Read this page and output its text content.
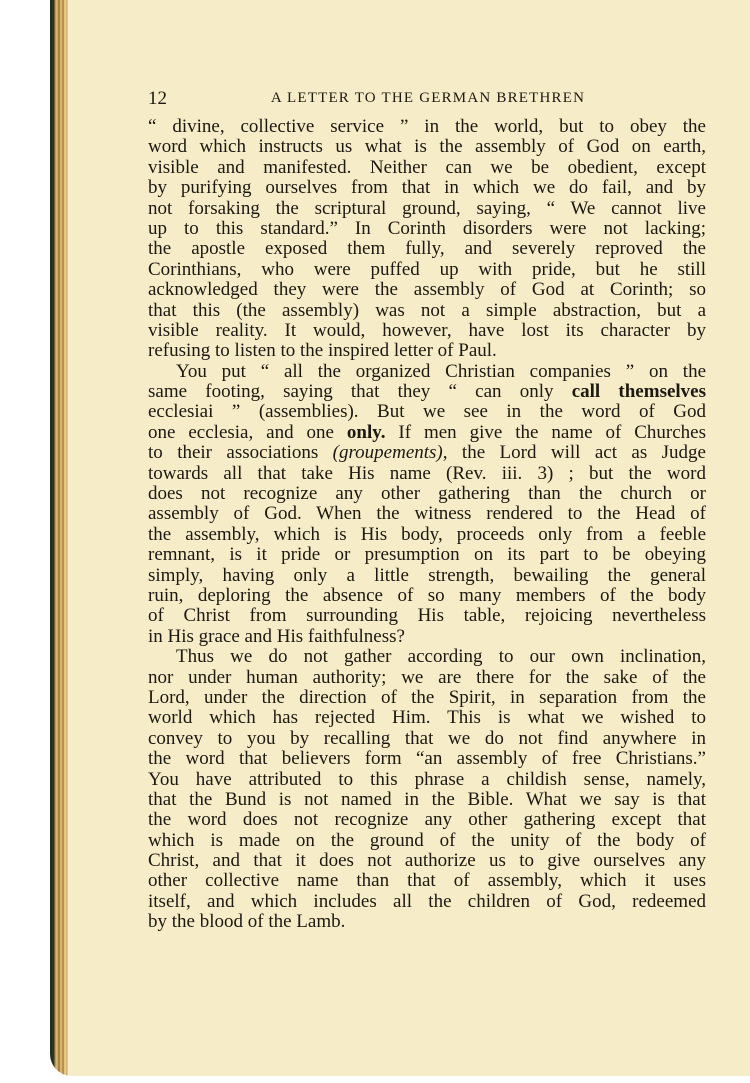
12	A LETTER TO THE GERMAN BRETHREN
“ divine, collective service ” in the world, but to obey the
word which instructs us what is the assembly of God on earth,
visible and manifested. Neither can we be obedient, except
by purifying ourselves from that in which we do fail, and by
not forsaking the scriptural ground, saying, “ We cannot live
up to this standard.” In Corinth disorders were not lacking;
the apostle exposed them fully, and severely reproved the
Corinthians, who were puffed up with pride, but he still
acknowledged they were the assembly of God at Corinth; so
that this (the assembly) was not a simple abstraction, but a
visible reality. It would, however, have lost its character by
refusing to listen to the inspired letter of Paul.
You put “ all the organized Christian companies ” on the
same footing, saying that they “ can only call themselves
ecclesiai ” (assemblies). But we see in the word of God
one ecclesia, and one only. If men give the name of Churches
to their associations (groupements), the Lord will act as Judge
towards all that take His name (Rev. iii. 3) ; but the word
does not recognize any other gathering than the church or
assembly of God. When the witness rendered to the Head of
the assembly, which is His body, proceeds only from a feeble
remnant, is it pride or presumption on its part to be obeying
simply, having only a little strength, bewailing the general
ruin, deploring the absence of so many members of the body
of Christ from surrounding His table, rejoicing nevertheless
in His grace and His faithfulness?
Thus we do not gather according to our own inclination,
nor under human authority; we are there for the sake of the
Lord, under the direction of the Spirit, in separation from the
world which has rejected Him. This is what we wished to
convey to you by recalling that we do not find anywhere in
the word that believers form “an assembly of free Christians.”
You have attributed to this phrase a childish sense, namely,
that the Bund is not named in the Bible. What we say is that
the word does not recognize any other gathering except that
which is made on the ground of the unity of the body of
Christ, and that it does not authorize us to give ourselves any
other collective name than that of assembly, which it uses
itself, and which includes all the children of God, redeemed
by the blood of the Lamb.
